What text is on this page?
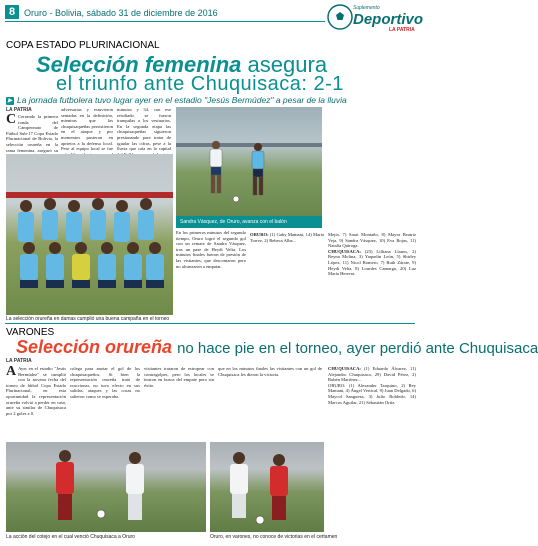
8 Oruro - Bolivia, sábado 31 de diciembre de 2016	Suplemento
Deportivo
LA PATRIA
COPA ESTADO PLURINACIONAL
Selección femenina asegura
el triunfo ante Chuquisaca: 2-1
▶ La jornada futbolera tuvo lugar ayer en el estadio "Jesús Bermúdez" a pesar de la lluvia
LA PATRIA
C Cerrando la primera ronda del Campeonato de Fútbol Sub-17 Copa Estado Plurinacional de Bolivia, la selección orureña en la rama femenina, aseguró su
adversarias y estuvieron sentadas en la definición, mientras que las chuquisaqueñas persistieron en el ataque y por momentos pusieron en aprietos a la defensa local. Pese al equipo local se fue
minutos y 34, con ese resultado se fueron tranquilas a los vestuarios. En la segunda etapa las chuquisaqueñas siguieron presionando para tratar de igualar las cifras, pese a la lluvia que caía en la capital
En los primeros minutos del segundo tiempo, Oruro logró el segundo gol con un remate de Sandra Vásquez, tras un pase de Heydi Velia. Los minutos finales fueron de presión de las visitantes, que descontaron pero no alcanzaron a empatar.
Sandra Vásquez, de Oruro, avanza con el balón
La selección orureña en damas cumplió una buena campaña en el torneo
Mejía, 7) Sarai Montaño, 8) Mayra Beatriz Veja, 9) Sandra Vásquez, 10) Eva Rojas, 11) Natalia Quiroga.
CHUQUISACA: (23) Lilliana Llanos, 2) Reyna Molina, 3) Yaquelin León, 5) Shirley López, 11) Nicol Romero, 7) Ruth Zárate, 9) Heydi Velia, 8) Lourdes Camargo, 20) Luz María Herrera.
ORURO: (1) Gaby Mamani, 14) María Torrez, 2) Rebeca Alba...
VARONES
Selección orureña no hace pie en el torneo, ayer perdió ante Chuquisaca
LA PATRIA
A Ayer en el estadio "Jesús Bermúdez" se cumplió con la novena fecha del torneo de fútbol Copa Estado Plurinacional, en esta oportunidad la representación orureña volvió a perder en casa, ante su similar de Chuquisaca por 2 goles a 0.
colega para anotar el gol de los chuquisaqueños. Si bien la representación orureña trató de reaccionar, no tuvo efecto en sus salidas, ataques y las cosas no salieron como se esperaba.
visitantes trataron de estropear con contragolpes, pero los locales se tiraron en busca del empate pero sin éxito.
que en los minutos finales las visitantes con un gol de Chuquisaca les dieron la victoria.
CHUQUISACA: (1) Eduardo Álvarez, 11) Alejandro Chuquisaca, 29) David Pérez, 2) Rubén Martínez...
ORURO: (1) Alexander Tarquino, 2) Rey Mamani, 4) Ángel Vertical, 9) Juan Delgado, 6) Maycol Sangueza, 3) Julio Robledo, 14) Marcos Aguilar, 21) Sebastián Ortiz.
La acción del cotejo en el cual venció Chuquisaca a Oruro	Oruro, en varones, no conoce de victorias en el certamen
